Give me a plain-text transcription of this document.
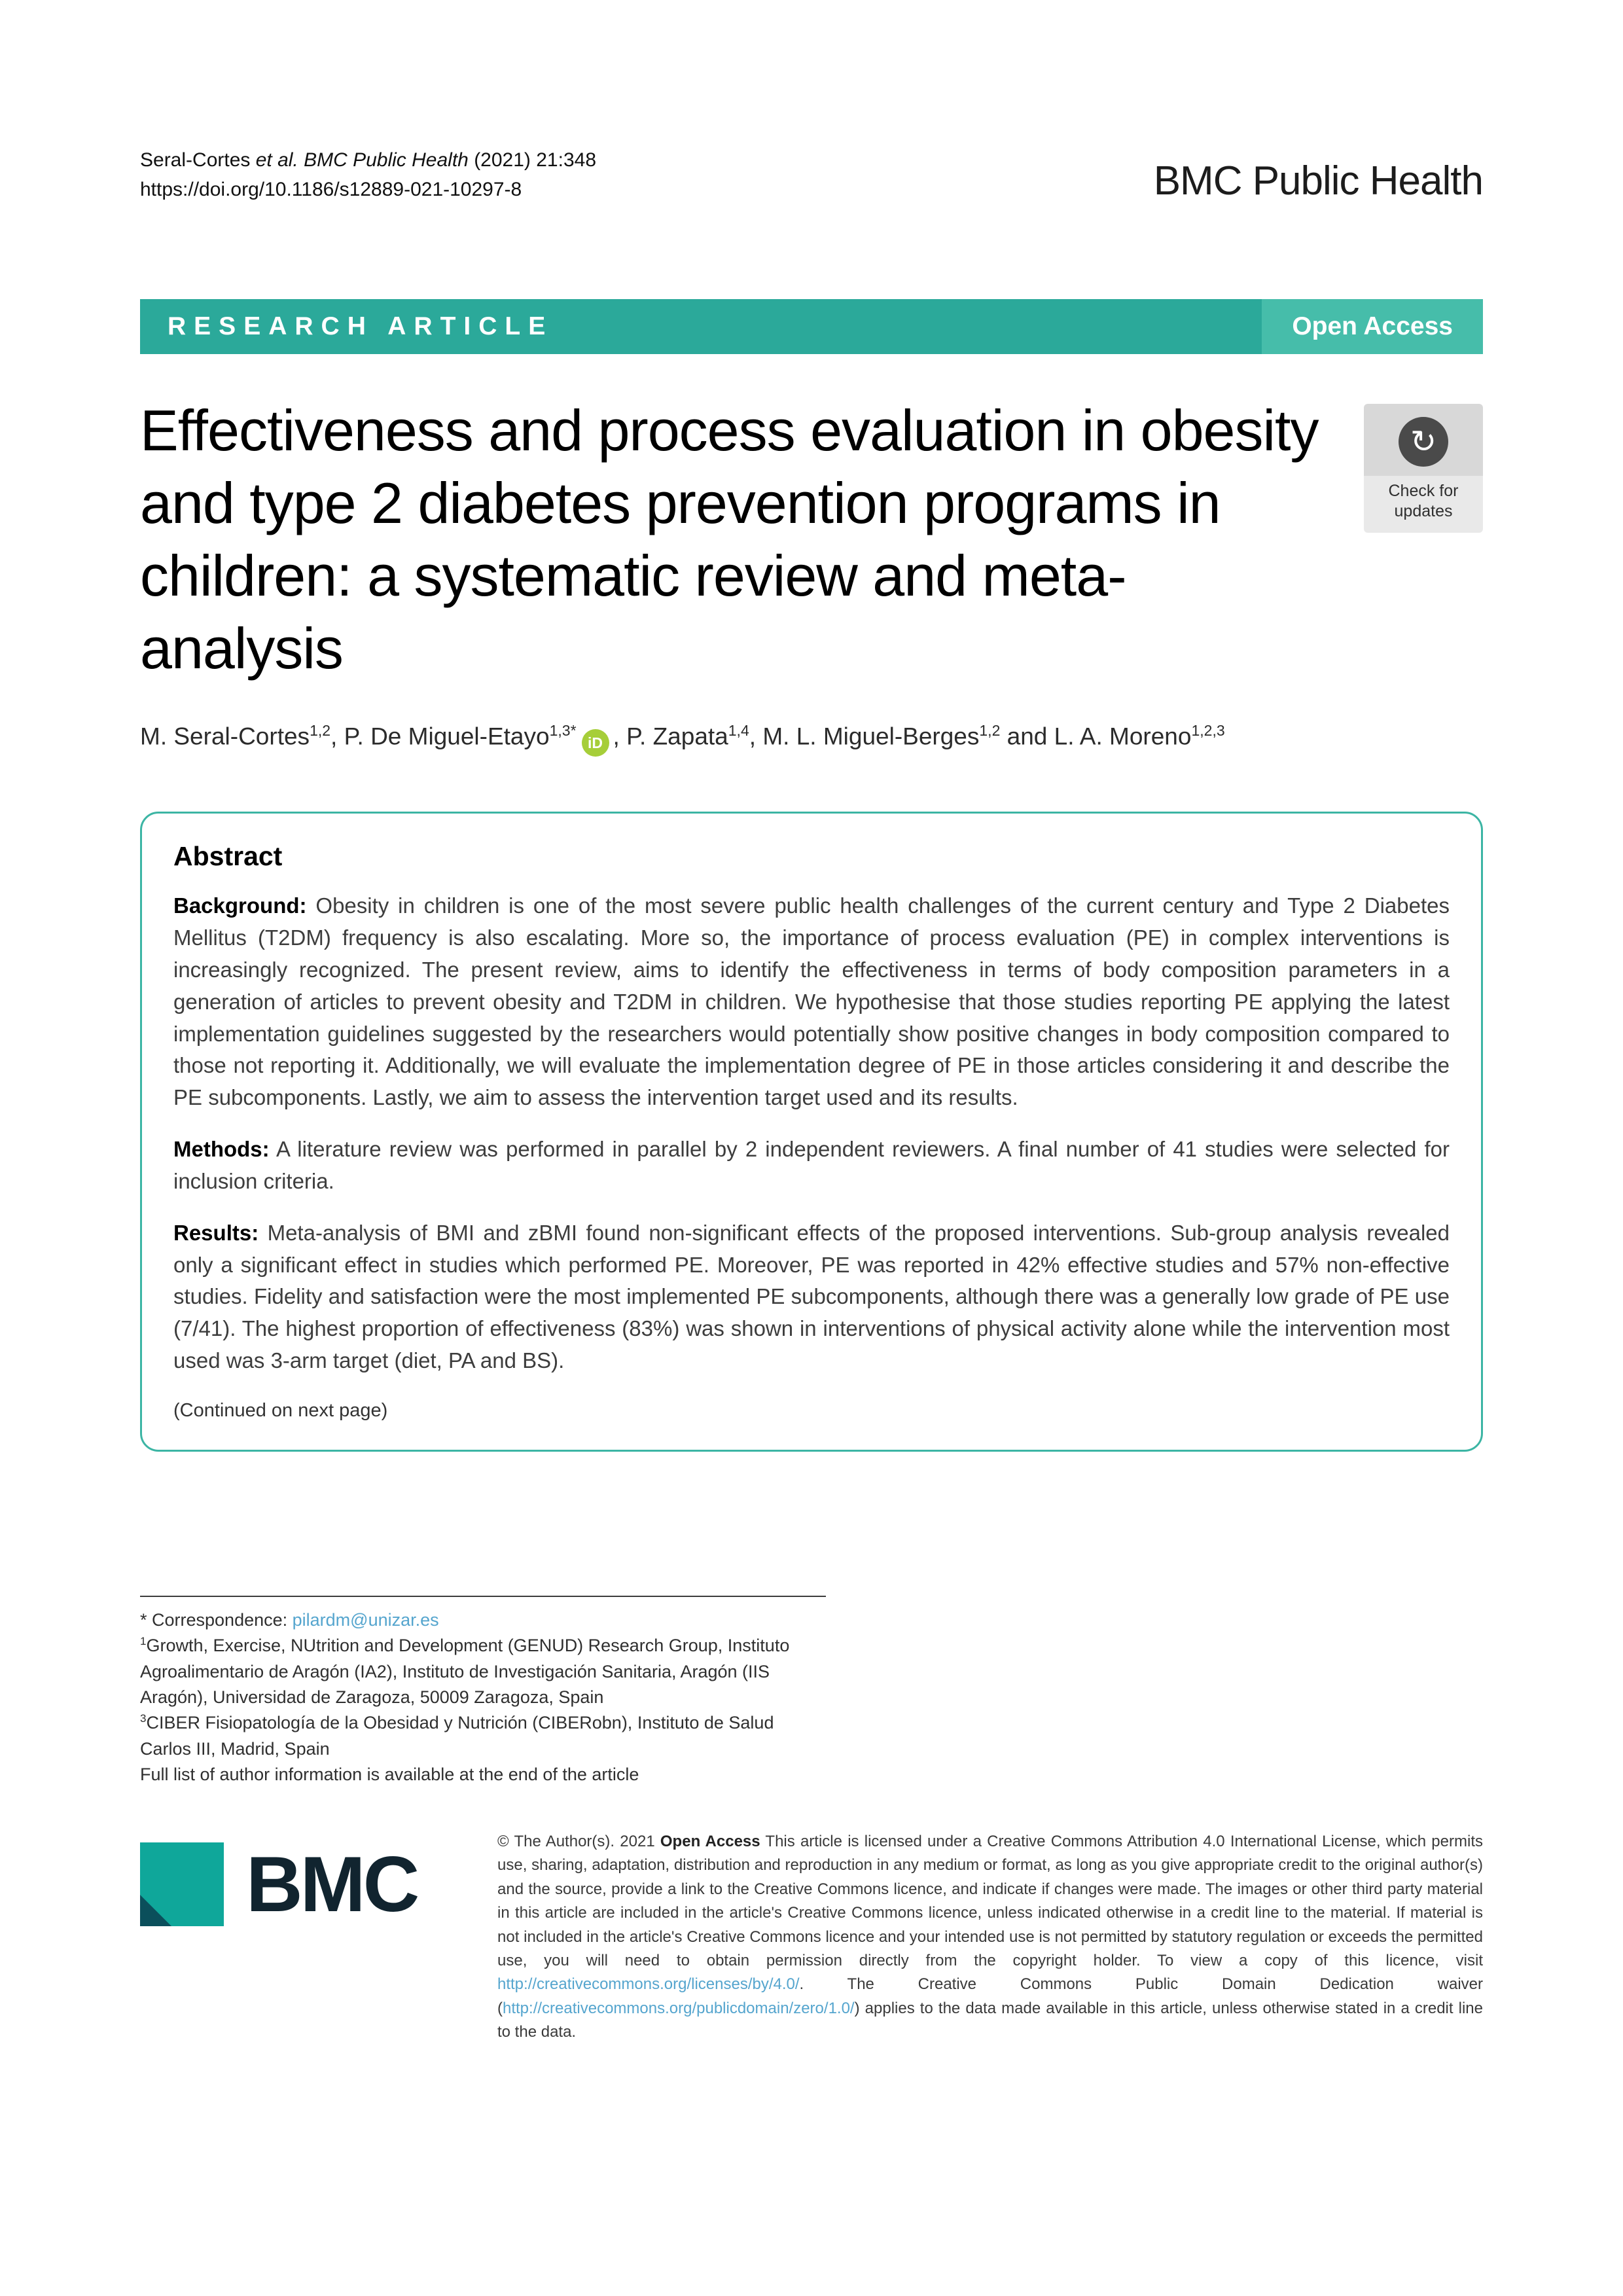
Seral-Cortes et al. BMC Public Health (2021) 21:348
https://doi.org/10.1186/s12889-021-10297-8	BMC Public Health
RESEARCH ARTICLE	Open Access
Effectiveness and process evaluation in obesity and type 2 diabetes prevention programs in children: a systematic review and meta-analysis
↻
Check for
updates
M. Seral-Cortes$^{1,2}$, P. De Miguel-Etayo$^{1,3*}$iD , P. Zapata$^{1,4}$, M. L. Miguel-Berges$^{1,2}$ and L. A. Moreno$^{1,2,3}$
Abstract

Background: Obesity in children is one of the most severe public health challenges of the current century and Type 2 Diabetes Mellitus (T2DM) frequency is also escalating. More so, the importance of process evaluation (PE) in complex interventions is increasingly recognized. The present review, aims to identify the effectiveness in terms of body composition parameters in a generation of articles to prevent obesity and T2DM in children. We hypothesise that those studies reporting PE applying the latest implementation guidelines suggested by the researchers would potentially show positive changes in body composition compared to those not reporting it. Additionally, we will evaluate the implementation degree of PE in those articles considering it and describe the PE subcomponents. Lastly, we aim to assess the intervention target used and its results.

Methods: A literature review was performed in parallel by 2 independent reviewers. A final number of 41 studies were selected for inclusion criteria.

Results: Meta-analysis of BMI and zBMI found non-significant effects of the proposed interventions. Sub-group analysis revealed only a significant effect in studies which performed PE. Moreover, PE was reported in 42% effective studies and 57% non-effective studies. Fidelity and satisfaction were the most implemented PE subcomponents, although there was a generally low grade of PE use (7/41). The highest proportion of effectiveness (83%) was shown in interventions of physical activity alone while the intervention most used was 3-arm target (diet, PA and BS).

(Continued on next page)

* Correspondence: pilardm@unizar.es

$^1$Growth, Exercise, NUtrition and Development (GENUD) Research Group, Instituto Agroalimentario de Aragón (IA2), Instituto de Investigación Sanitaria, Aragón (IIS Aragón), Universidad de Zaragoza, 50009 Zaragoza, Spain

$^3$CIBER Fisiopatología de la Obesidad y Nutrición (CIBERobn), Instituto de Salud Carlos III, Madrid, Spain

Full list of author information is available at the end of the article

BMC	© The Author(s). 2021 Open Access This article is licensed under a Creative Commons Attribution 4.0 International License, which permits use, sharing, adaptation, distribution and reproduction in any medium or format, as long as you give appropriate credit to the original author(s) and the source, provide a link to the Creative Commons licence, and indicate if changes were made. The images or other third party material in this article are included in the article's Creative Commons licence, unless indicated otherwise in a credit line to the material. If material is not included in the article's Creative Commons licence and your intended use is not permitted by statutory regulation or exceeds the permitted use, you will need to obtain permission directly from the copyright holder. To view a copy of this licence, visit http://creativecommons.org/licenses/by/4.0/. The Creative Commons Public Domain Dedication waiver (http://creativecommons.org/publicdomain/zero/1.0/) applies to the data made available in this article, unless otherwise stated in a credit line to the data.
